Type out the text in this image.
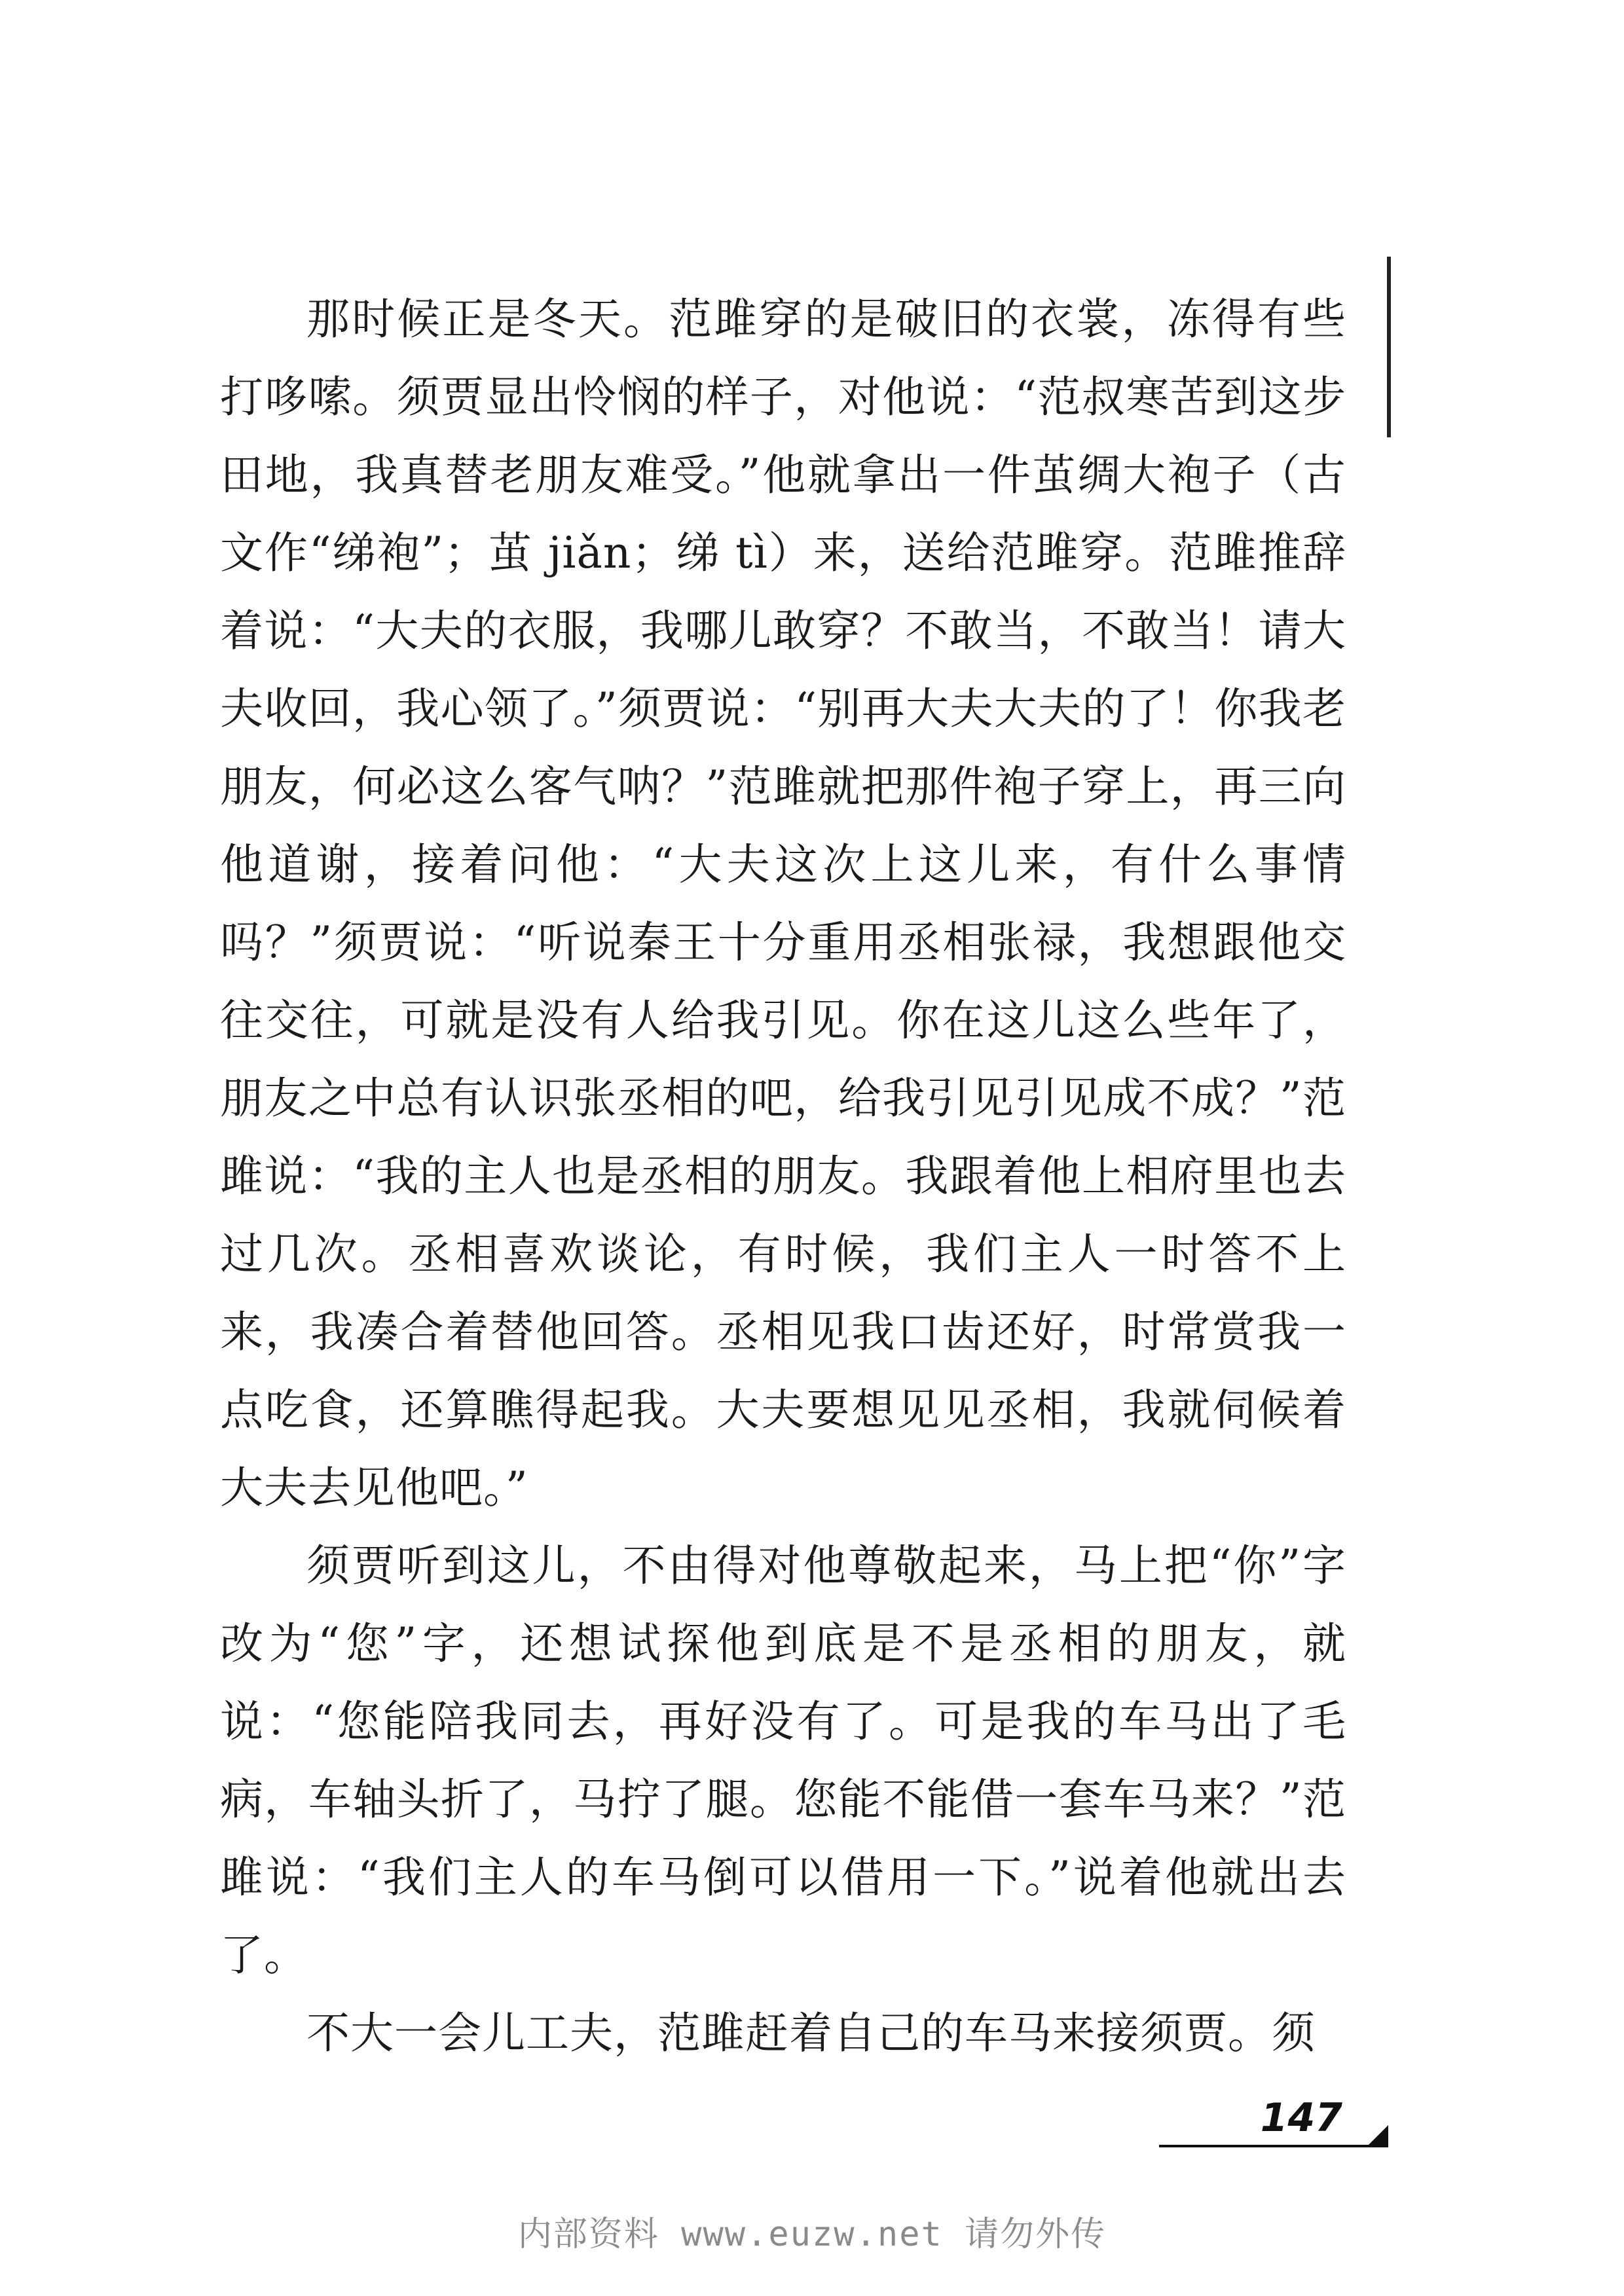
那时候正是冬天。范雎穿的是破旧的衣裳，冻得有些打哆嗦。须贾显出怜悯的样子，对他说：“范叔寒苦到这步田地，我真替老朋友难受。”他就拿出一件茧绸大袍子（古文作“绨袍”；茧 jiǎn；绨 tì）来，送给范雎穿。范雎推辞着说：“大夫的衣服，我哪儿敢穿？不敢当，不敢当！请大夫收回，我心领了。”须贾说：“别再大夫大夫的了！你我老朋友，何必这么客气呐？”范雎就把那件袍子穿上，再三向他道谢，接着问他：“大夫这次上这儿来，有什么事情吗？”须贾说：“听说秦王十分重用丞相张禄，我想跟他交往交往，可就是没有人给我引见。你在这儿这么些年了，朋友之中总有认识张丞相的吧，给我引见引见成不成？”范雎说：“我的主人也是丞相的朋友。我跟着他上相府里也去过几次。丞相喜欢谈论，有时候，我们主人一时答不上来，我凑合着替他回答。丞相见我口齿还好，时常赏我一点吃食，还算瞧得起我。大夫要想见见丞相，我就伺候着大夫去见他吧。”

须贾听到这儿，不由得对他尊敬起来，马上把“你”字改为“您”字，还想试探他到底是不是丞相的朋友，就说：“您能陪我同去，再好没有了。可是我的车马出了毛病，车轴头折了，马拧了腿。您能不能借一套车马来？”范雎说：“我们主人的车马倒可以借用一下。”说着他就出去了。

不大一会儿工夫，范雎赶着自己的车马来接须贾。须

147
内部资料 www.euzw.net 请勿外传
